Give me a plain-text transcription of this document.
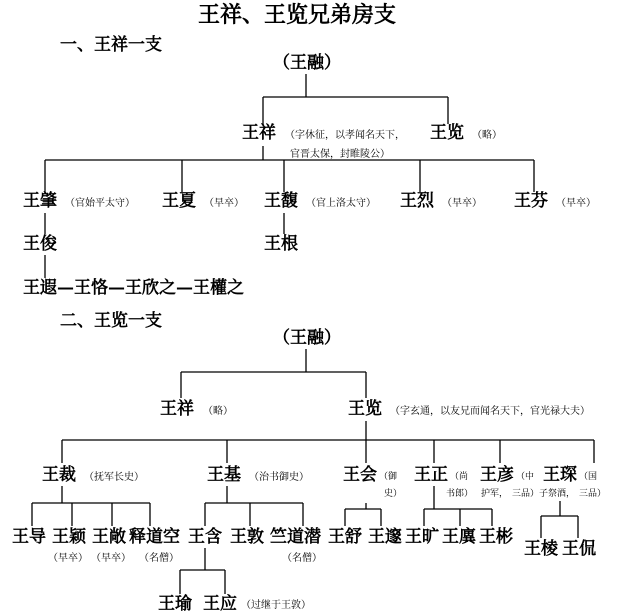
王祥、王览兄弟房支
一、王祥一支
二、王览一支
（王融）
王祥 （字休征，以孝闻名天下，
官晋太保，封睢陵公）
王览 （略）
王肇 （官始平太守） 王夏 （早卒） 王馥 （官上洛太守） 王烈 （早卒） 王芬 （早卒）
王俊	王根
王遐—王恪—王欣之—王權之
（王融）
王祥 （略）	王览 （字玄通，以友兄而闻名天下，官光禄大夫）
王裁 （抚军长史）	王基 （治书御史） 王会 （御
史）
王正 （尚
书郎）
王彦 （中
护军， 三品）
王琛 （国
子祭酒， 三品）
王导
（早卒）
王颖
（早卒）
王敞 释道空
（名僧）
王含 王敦 竺道潜
（名僧）
王舒 王邃 王旷 王廙 王彬
王棱 王侃
王瑜 王应 （过继于王敦）
